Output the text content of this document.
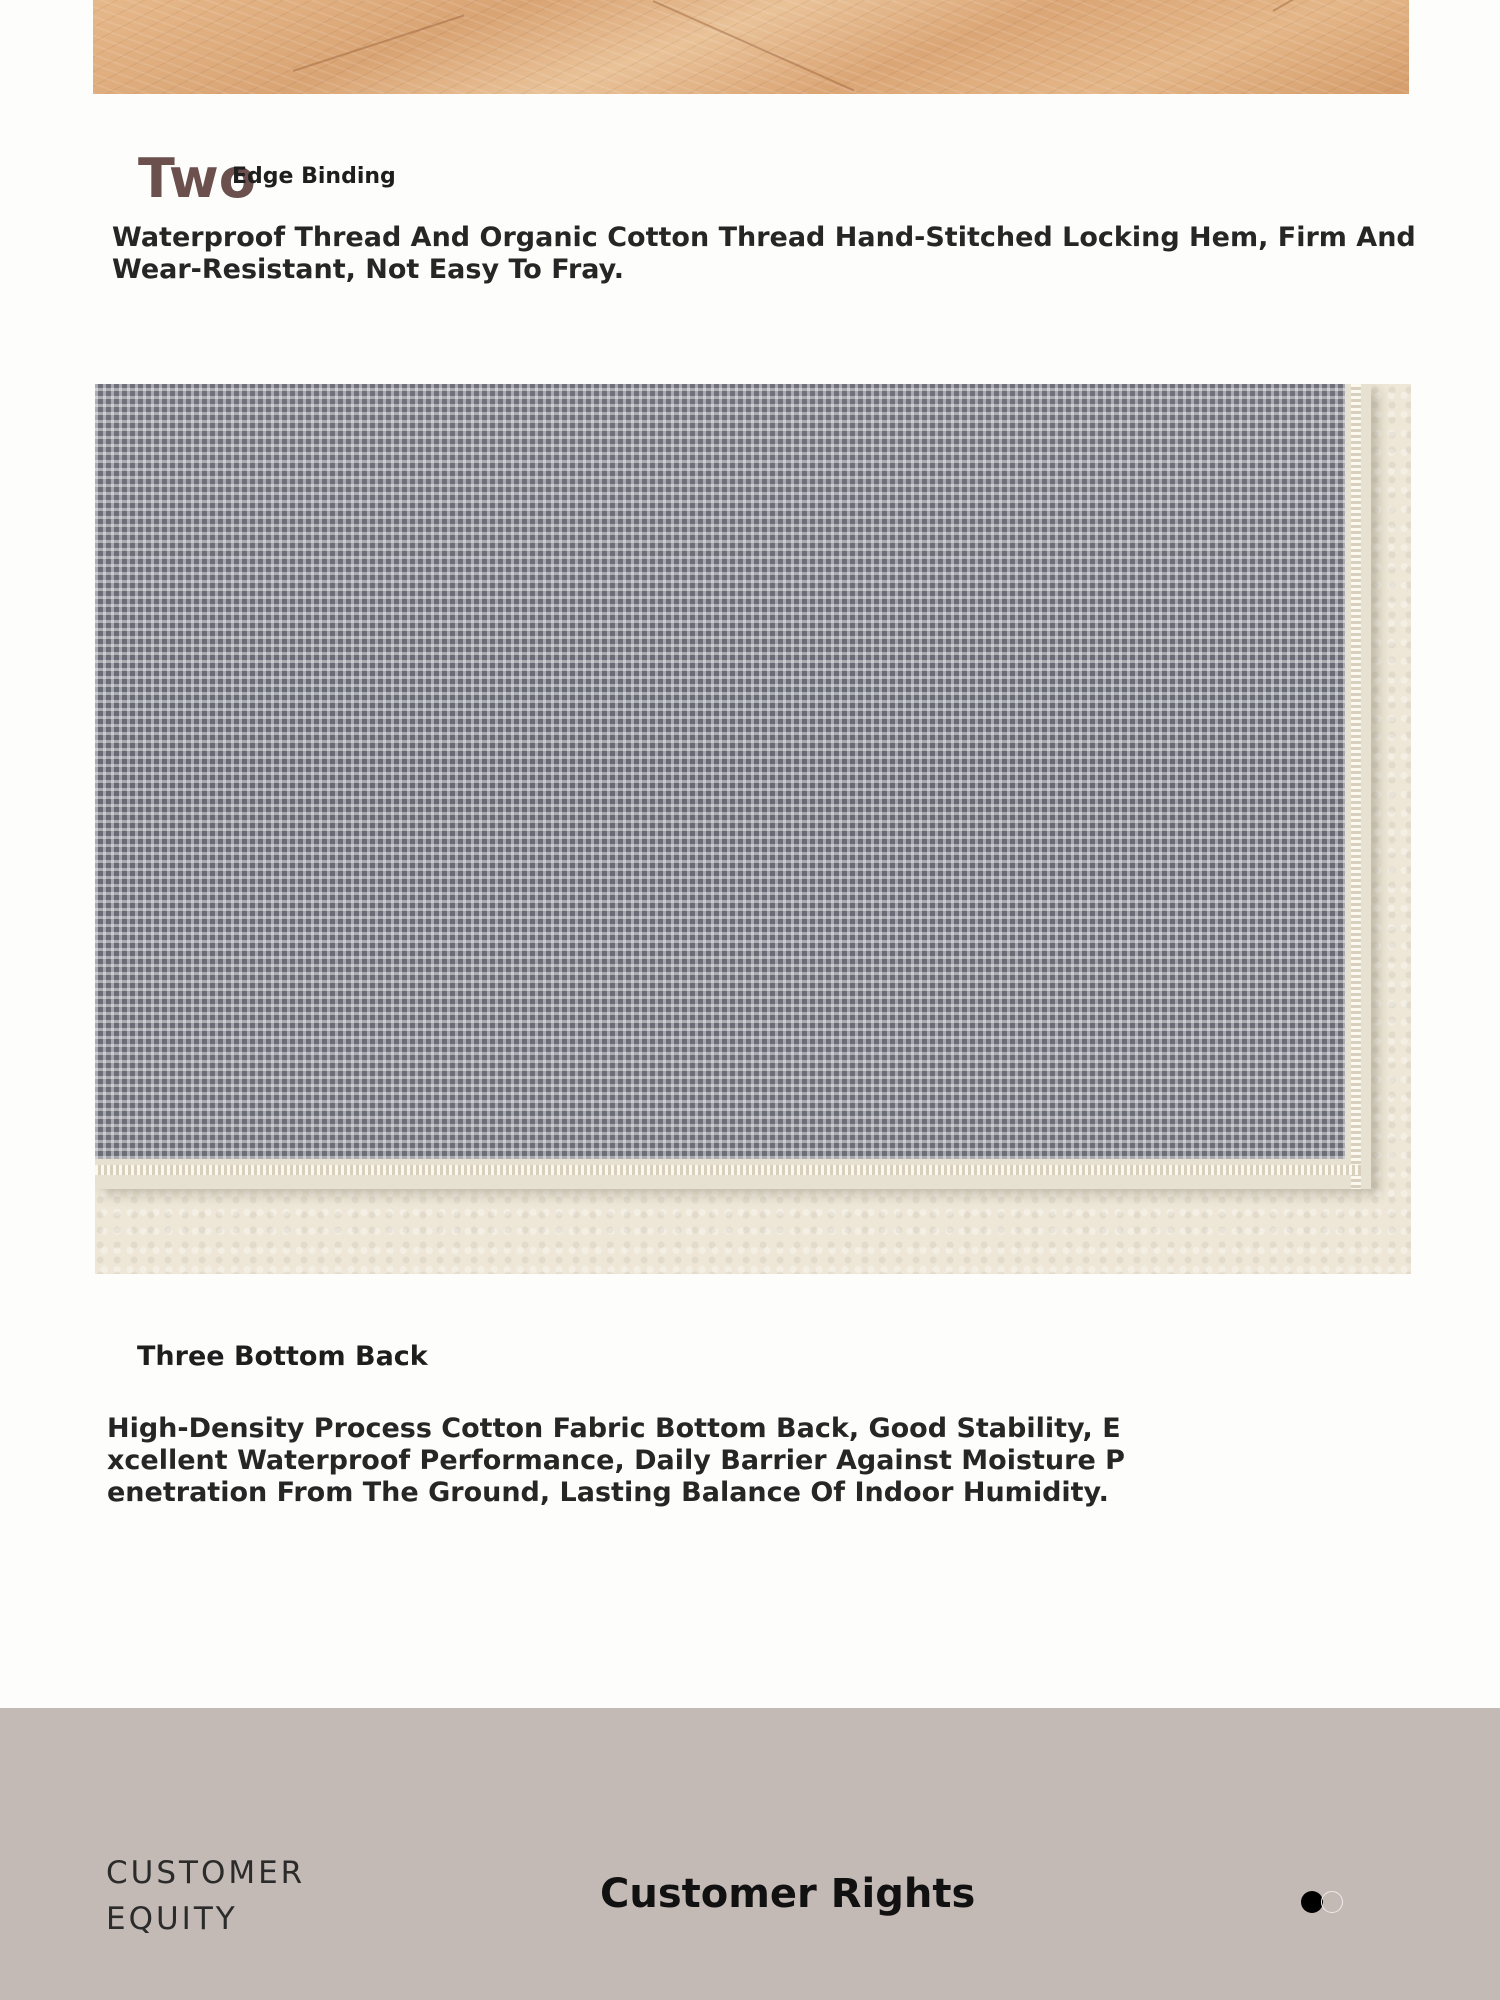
Two
Edge Binding

Waterproof Thread And Organic Cotton Thread Hand-Stitched Locking Hem, Firm And Wear-Resistant, Not Easy To Fray.

Three Bottom Back

High-Density Process Cotton Fabric Bottom Back, Good Stability, Excellent Waterproof Performance, Daily Barrier Against Moisture Penetration From The Ground, Lasting Balance Of Indoor Humidity.

CUSTOMER
EQUITY
Customer Rights
